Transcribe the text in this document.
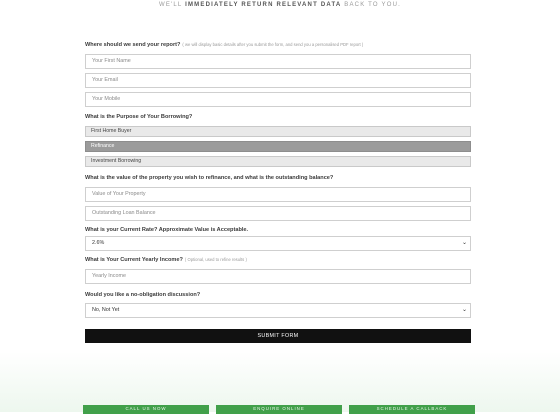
WE'LL IMMEDIATELY RETURN RELEVANT DATA BACK TO YOU.
Where should we send your report? ( we will display basic details after you submit the form, and send you a personalised PDF report )
Your First Name
Your Email
Your Mobile
What is the Purpose of Your Borrowing?
First Home Buyer
Refinance
Investment Borrowing
What is the value of the property you wish to refinance, and what is the outstanding balance?
Value of Your Property
Outstanding Loan Balance
What is your Current Rate? Approximate Value is Acceptable.
2.6%	⌄
What is Your Current Yearly Income? ( Optional, used to refine results )
Yearly Income
Would you like a no-obligation discussion?
No, Not Yet	⌄
SUBMIT FORM
CALL US NOW	ENQUIRE ONLINE	SCHEDULE A CALLBACK
